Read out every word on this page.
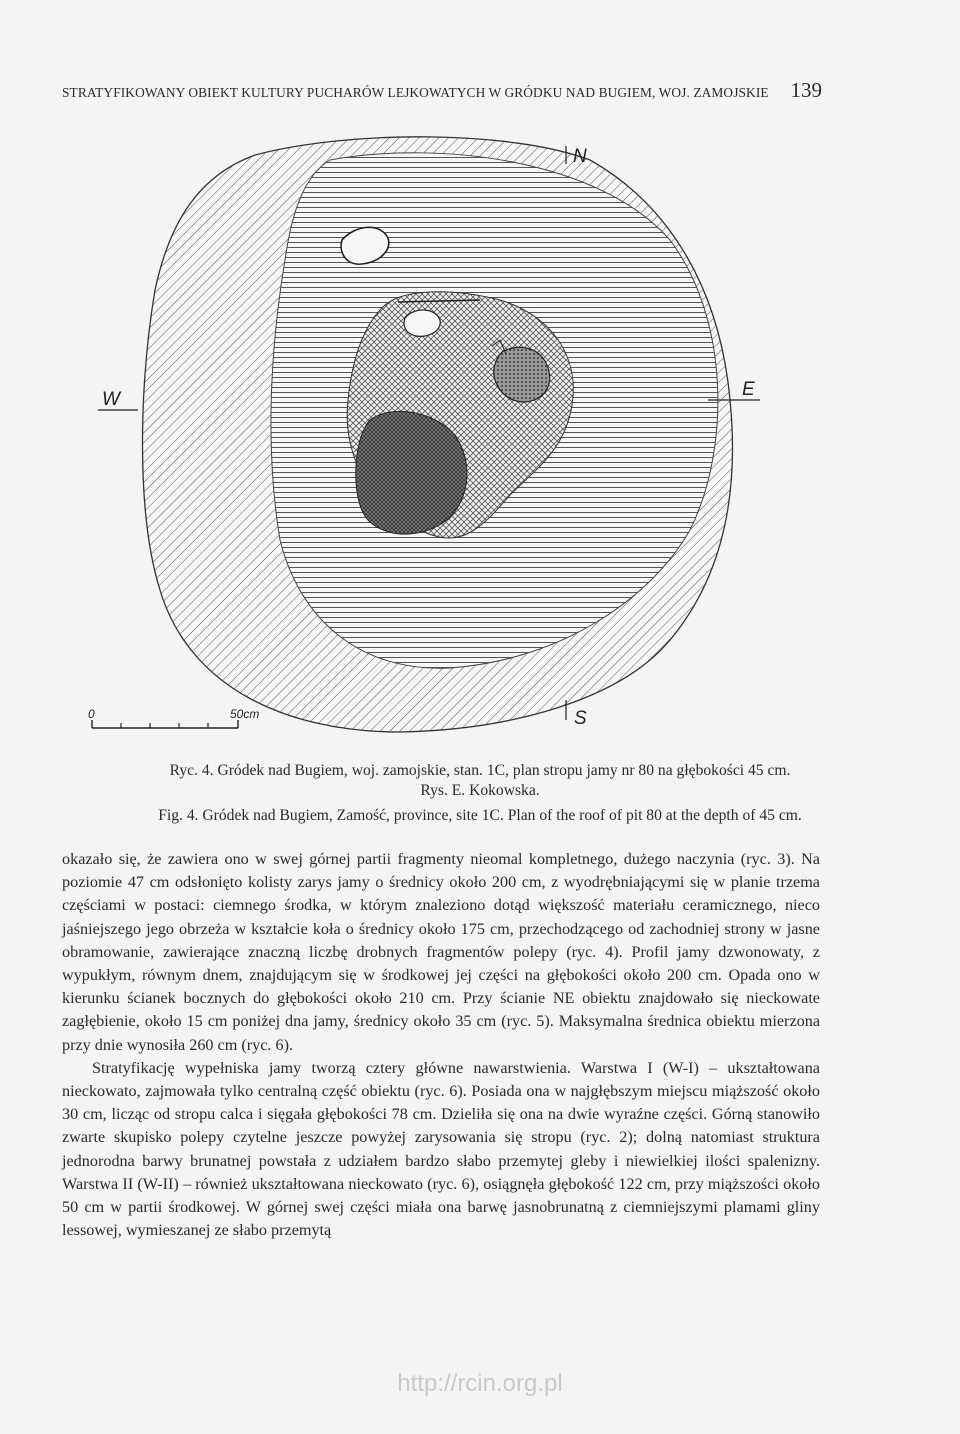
STRATYFIKOWANY OBIEKT KULTURY PUCHARÓW LEJKOWATYCH W GRÓDKU NAD BUGIEM, WOJ. ZAMOJSKIE 139
N
S
E
W
0	50cm
Ryc. 4. Gródek nad Bugiem, woj. zamojskie, stan. 1C, plan stropu jamy nr 80 na głębokości 45 cm.
Rys. E. Kokowska.
Fig. 4. Gródek nad Bugiem, Zamość, province, site 1C. Plan of the roof of pit 80 at the depth of 45 cm.

okazało się, że zawiera ono w swej górnej partii fragmenty nieomal kompletnego, dużego naczynia (ryc. 3). Na poziomie 47 cm odsłonięto kolisty zarys jamy o średnicy około 200 cm, z wyodrębniającymi się w planie trzema częściami w postaci: ciemnego środka, w którym znaleziono dotąd większość materiału ceramicznego, nieco jaśniejszego jego obrzeża w kształcie koła o średnicy około 175 cm, przechodzącego od zachodniej strony w jasne obramowanie, zawierające znaczną liczbę drobnych fragmentów polepy (ryc. 4). Profil jamy dzwonowaty, z wypukłym, równym dnem, znajdującym się w środkowej jej części na głębokości około 200 cm. Opada ono w kierunku ścianek bocznych do głębokości około 210 cm. Przy ścianie NE obiektu znajdowało się nieckowate zagłębienie, około 15 cm poniżej dna jamy, średnicy około 35 cm (ryc. 5). Maksymalna średnica obiektu mierzona przy dnie wynosiła 260 cm (ryc. 6).

Stratyfikację wypełniska jamy tworzą cztery główne nawarstwienia. Warstwa I (W-I) – ukształtowana nieckowato, zajmowała tylko centralną część obiektu (ryc. 6). Posiada ona w najgłębszym miejscu miąższość około 30 cm, licząc od stropu calca i sięgała głębokości 78 cm. Dzieliła się ona na dwie wyraźne części. Górną stanowiło zwarte skupisko polepy czytelne jeszcze powyżej zarysowania się stropu (ryc. 2); dolną natomiast struktura jednorodna barwy brunatnej powstała z udziałem bardzo słabo przemytej gleby i niewielkiej ilości spalenizny. Warstwa II (W-II) – również ukształtowana nieckowato (ryc. 6), osiągnęła głębokość 122 cm, przy miąższości około 50 cm w partii środkowej. W górnej swej części miała ona barwę jasnobrunatną z ciemniejszymi plamami gliny lessowej, wymieszanej ze słabo przemytą

http://rcin.org.pl
